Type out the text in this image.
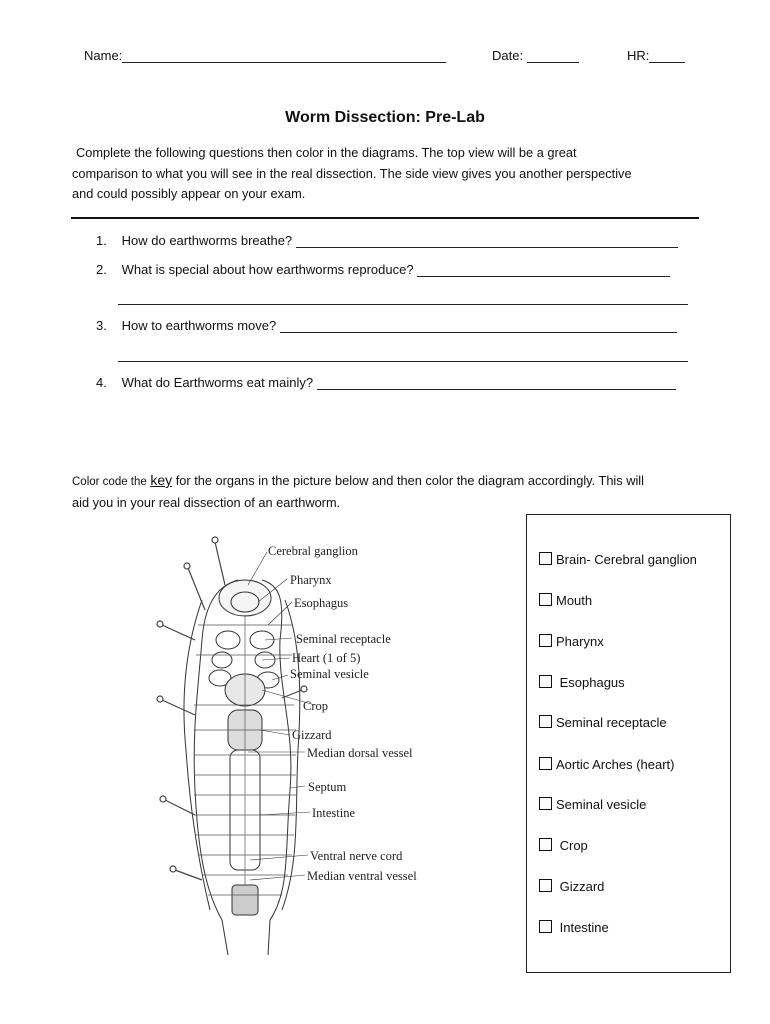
Name:	Date:	HR:
Worm Dissection: Pre-Lab
Complete the following questions then color in the diagrams. The top view will be a great
comparison to what you will see in the real dissection. The side view gives you another perspective
and could possibly appear on your exam.
1. How do earthworms breathe?
2. What is special about how earthworms reproduce?
3. How to earthworms move?
4. What do Earthworms eat mainly?
Color code the key for the organs in the picture below and then color the diagram accordingly. This will
aid you in your real dissection of an earthworm.
Brain- Cerebral ganglion
Mouth
Pharynx
Esophagus
Seminal receptacle
Aortic Arches (heart)
Seminal vesicle
Crop
Gizzard
Intestine
Cerebral ganglion
Pharynx
Esophagus
Seminal receptacle
Heart (1 of 5)
Seminal vesicle
Crop
Gizzard
Median dorsal vessel
Septum
Intestine
Ventral nerve cord
Median ventral vessel
